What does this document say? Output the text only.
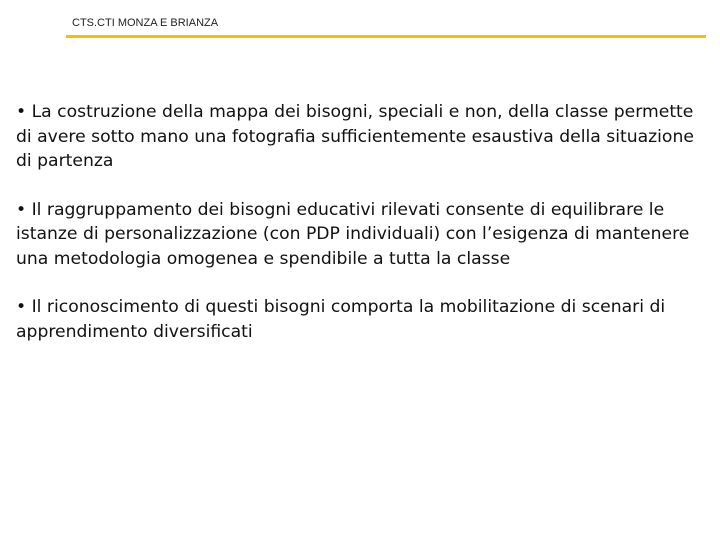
CTS.CTI MONZA E BRIANZA

• La costruzione della mappa dei bisogni, speciali e non, della classe permette di avere sotto mano una fotografia sufficientemente esaustiva della situazione di partenza

• Il raggruppamento dei bisogni educativi rilevati consente di equilibrare le istanze di personalizzazione (con PDP individuali) con l’esigenza di mantenere una metodologia omogenea e spendibile a tutta la classe

• Il riconoscimento di questi bisogni comporta la mobilitazione di scenari di apprendimento diversificati
